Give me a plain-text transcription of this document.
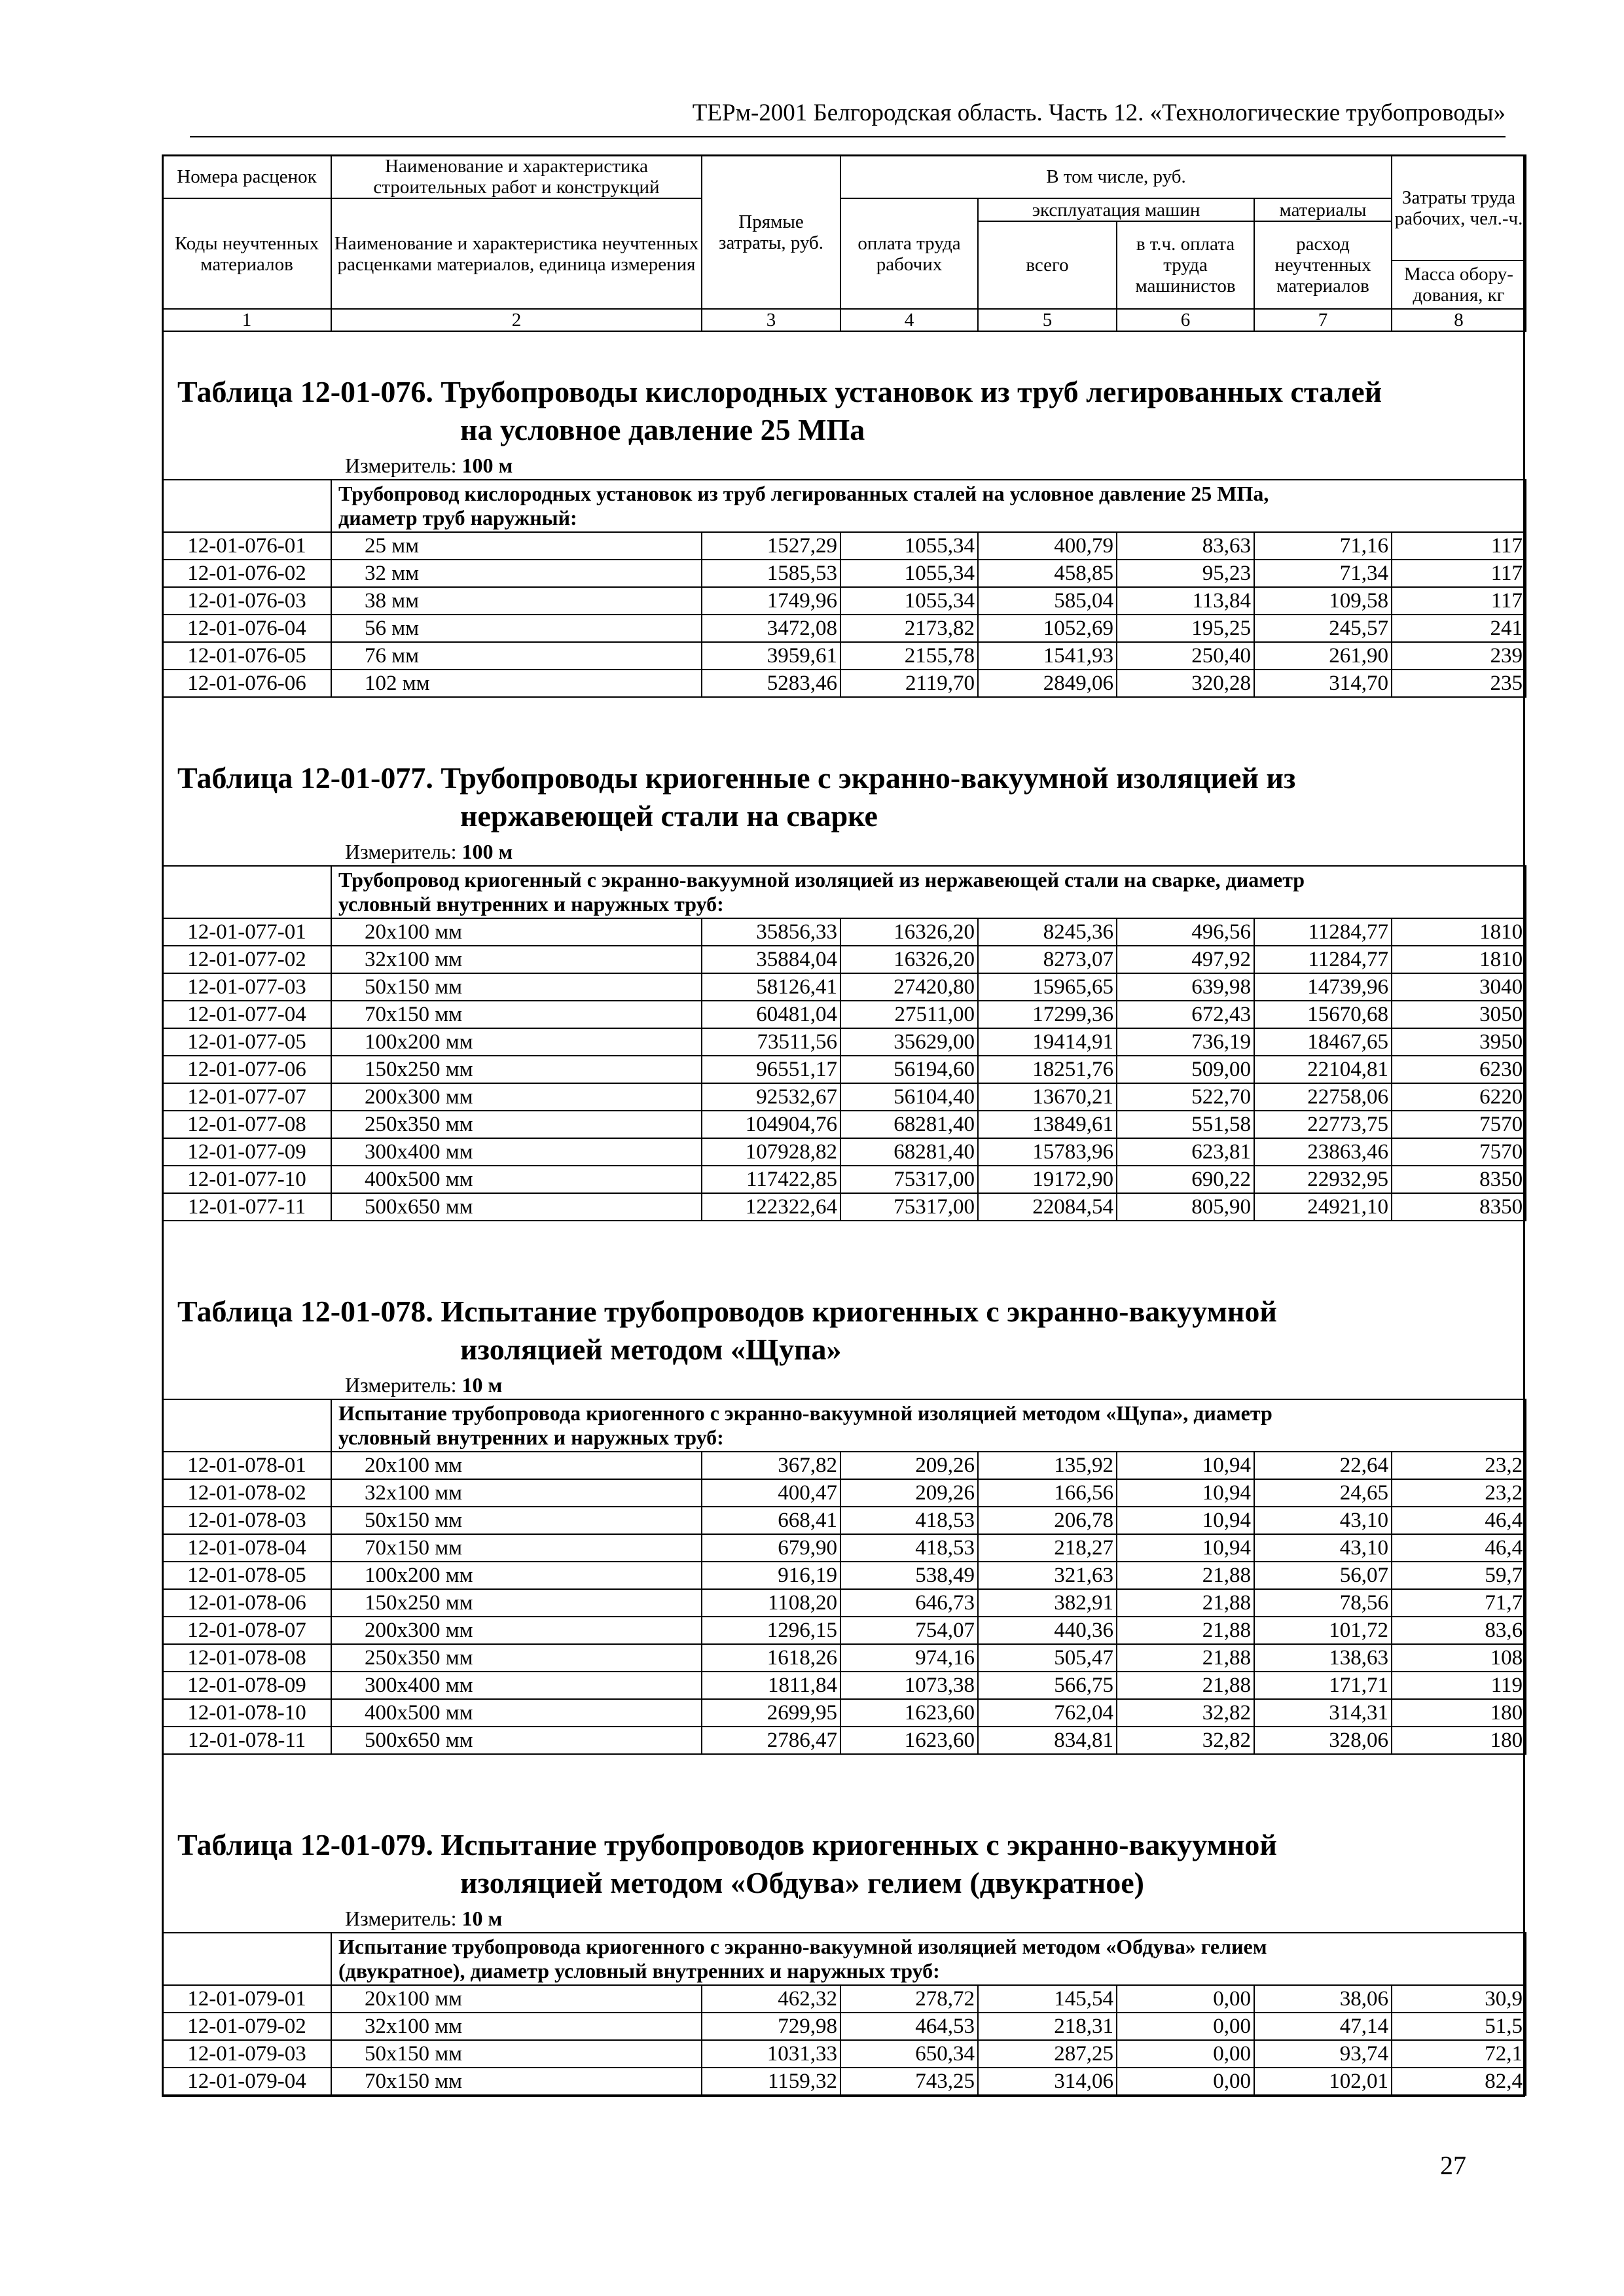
ТЕРм-2001 Белгородская область. Часть 12. «Технологические трубопроводы»
Номера расценок	Наименование и характеристика строительных работ и конструкций	Прямые затраты, руб.	В том числе, руб.				Затраты труда рабочих, чел.-ч.
Коды неучтенных материалов	Наименование и характеристика неучтенных расценками материалов, единица измерения		оплата труда рабочих	эксплуатация машин		материалы	
				всего	в т.ч. оплата труда машинистов	расход неучтенных материалов	
							Масса обору-дования, кг
1	2	3	4	5	6	7	8
Таблица 12-01-076. Трубопроводы кислородных установок из труб легированных сталей
на условное давление 25 МПа
Измеритель: 100 м
	Трубопровод кислородных установок из труб легированных сталей на условное давление 25 МПа,
диаметр труб наружный:						
12-01-076-01	25 мм	1527,29	1055,34	400,79	83,63	71,16	117
12-01-076-02	32 мм	1585,53	1055,34	458,85	95,23	71,34	117
12-01-076-03	38 мм	1749,96	1055,34	585,04	113,84	109,58	117
12-01-076-04	56 мм	3472,08	2173,82	1052,69	195,25	245,57	241
12-01-076-05	76 мм	3959,61	2155,78	1541,93	250,40	261,90	239
12-01-076-06	102 мм	5283,46	2119,70	2849,06	320,28	314,70	235
Таблица 12-01-077. Трубопроводы криогенные с экранно-вакуумной изоляцией из
нержавеющей стали на сварке
Измеритель: 100 м
	Трубопровод криогенный с экранно-вакуумной изоляцией из нержавеющей стали на сварке, диаметр
условный внутренних и наружных труб:						
12-01-077-01	20х100 мм	35856,33	16326,20	8245,36	496,56	11284,77	1810
12-01-077-02	32х100 мм	35884,04	16326,20	8273,07	497,92	11284,77	1810
12-01-077-03	50х150 мм	58126,41	27420,80	15965,65	639,98	14739,96	3040
12-01-077-04	70х150 мм	60481,04	27511,00	17299,36	672,43	15670,68	3050
12-01-077-05	100х200 мм	73511,56	35629,00	19414,91	736,19	18467,65	3950
12-01-077-06	150х250 мм	96551,17	56194,60	18251,76	509,00	22104,81	6230
12-01-077-07	200х300 мм	92532,67	56104,40	13670,21	522,70	22758,06	6220
12-01-077-08	250х350 мм	104904,76	68281,40	13849,61	551,58	22773,75	7570
12-01-077-09	300х400 мм	107928,82	68281,40	15783,96	623,81	23863,46	7570
12-01-077-10	400х500 мм	117422,85	75317,00	19172,90	690,22	22932,95	8350
12-01-077-11	500х650 мм	122322,64	75317,00	22084,54	805,90	24921,10	8350
Таблица 12-01-078. Испытание трубопроводов криогенных с экранно-вакуумной
изоляцией методом «Щупа»
Измеритель: 10 м
	Испытание трубопровода криогенного с экранно-вакуумной изоляцией методом «Щупа», диаметр
условный внутренних и наружных труб:						
12-01-078-01	20х100 мм	367,82	209,26	135,92	10,94	22,64	23,2
12-01-078-02	32х100 мм	400,47	209,26	166,56	10,94	24,65	23,2
12-01-078-03	50х150 мм	668,41	418,53	206,78	10,94	43,10	46,4
12-01-078-04	70х150 мм	679,90	418,53	218,27	10,94	43,10	46,4
12-01-078-05	100х200 мм	916,19	538,49	321,63	21,88	56,07	59,7
12-01-078-06	150х250 мм	1108,20	646,73	382,91	21,88	78,56	71,7
12-01-078-07	200х300 мм	1296,15	754,07	440,36	21,88	101,72	83,6
12-01-078-08	250х350 мм	1618,26	974,16	505,47	21,88	138,63	108
12-01-078-09	300х400 мм	1811,84	1073,38	566,75	21,88	171,71	119
12-01-078-10	400х500 мм	2699,95	1623,60	762,04	32,82	314,31	180
12-01-078-11	500х650 мм	2786,47	1623,60	834,81	32,82	328,06	180
Таблица 12-01-079. Испытание трубопроводов криогенных с экранно-вакуумной
изоляцией методом «Обдува» гелием (двукратное)
Измеритель: 10 м
	Испытание трубопровода криогенного с экранно-вакуумной изоляцией методом «Обдува» гелием
(двукратное), диаметр условный внутренних и наружных труб:						
12-01-079-01	20х100 мм	462,32	278,72	145,54	0,00	38,06	30,9
12-01-079-02	32х100 мм	729,98	464,53	218,31	0,00	47,14	51,5
12-01-079-03	50х150 мм	1031,33	650,34	287,25	0,00	93,74	72,1
12-01-079-04	70х150 мм	1159,32	743,25	314,06	0,00	102,01	82,4
27
